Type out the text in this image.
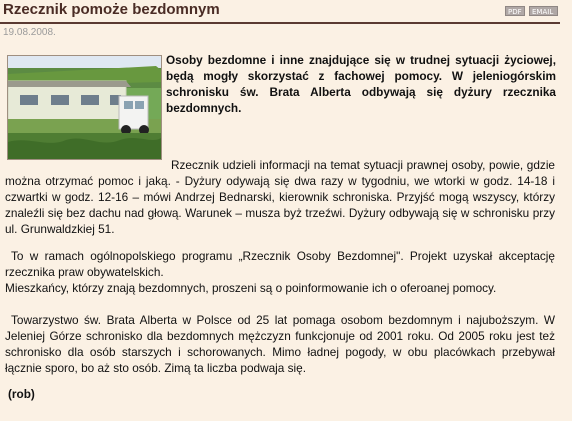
Rzecznik pomoże bezdomnym	PDF	EMAIL
19.08.2008.
Osoby bezdomne i inne znajdujące się w trudnej sytuacji życiowej, będą mogły skorzystać z fachowej pomocy. W jeleniogórskim schronisku św. Brata Alberta odbywają się dyżury rzecznika bezdomnych.
Rzecznik udzieli informacji na temat sytuacji prawnej osoby, powie, gdzie można otrzymać pomoc i jaką. - Dyżury odywają się dwa razy w tygodniu, we wtorki w godz. 14-18 i czwartki w godz. 12-16 – mówi Andrzej Bednarski, kierownik schroniska. Przyjść mogą wszyscy, którzy znaleźli się bez dachu nad głową. Warunek – musza byż trzeźwi. Dyżury odbywają się w schronisku przy ul. Grunwaldzkiej 51.
To w ramach ogólnopolskiego programu „Rzecznik Osoby Bezdomnej". Projekt uzyskał akceptację rzecznika praw obywatelskich.
Mieszkańcy, którzy znają bezdomnych, proszeni są o poinformowanie ich o oferoanej pomocy.
Towarzystwo św. Brata Alberta w Polsce od 25 lat pomaga osobom bezdomnym i najuboższym. W Jeleniej Górze schronisko dla bezdomnych mężczyzn funkcjonuje od 2001 roku. Od 2005 roku jest też schronisko dla osób starszych i schorowanych. Mimo ładnej pogody, w obu placówkach przebywał łącznie sporo, bo aż sto osób. Zimą ta liczba podwaja się.
(rob)
